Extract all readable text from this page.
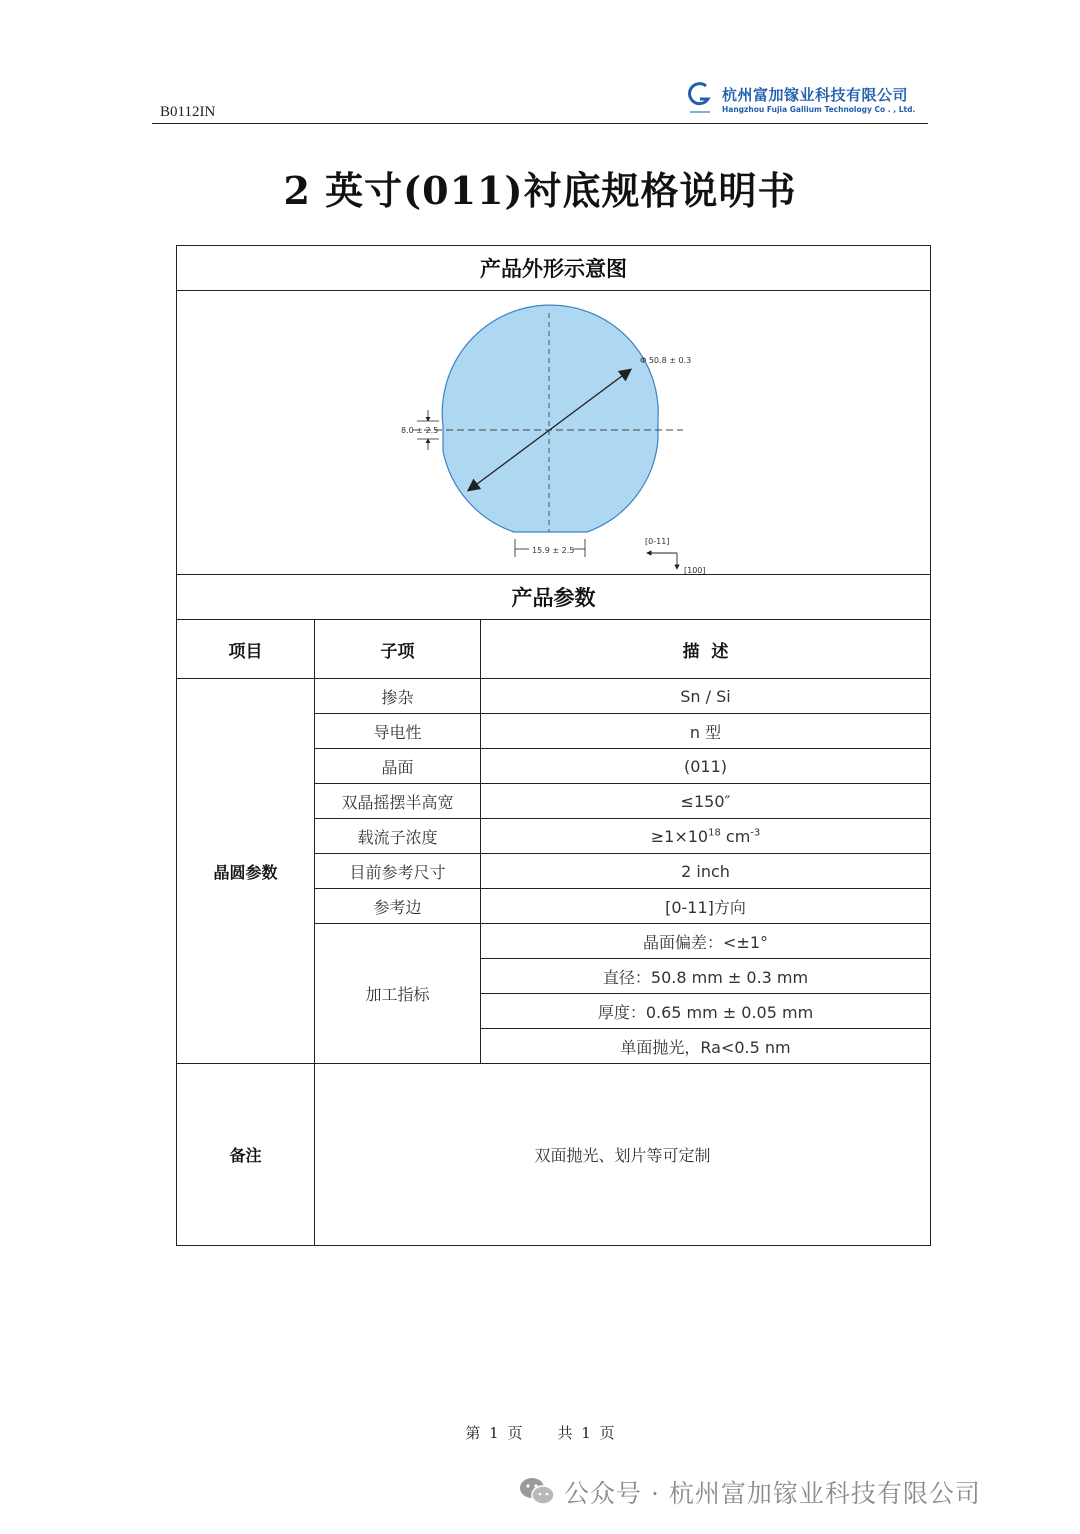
B0112IN
杭州富加镓业科技有限公司
Hangzhou Fujia Gallium Technology Co . , Ltd.
2 英寸(011)衬底规格说明书
产品外形示意图		

Φ 50.8 ± 0.3
8.0 ± 2.5
15.9 ± 2.5
[0-11]
[100]		

产品参数		
项目	子项	描  述
晶圆参数	掺杂	Sn / Si
	导电性	n 型
	晶面	(011)
	双晶摇摆半高宽	≤150″
	载流子浓度	$\ge 1\times 10^{18}$ $cm^{-3}$
	目前参考尺寸	2 inch
	参考边	[0-11]方向
	加工指标	晶面偏差：<±1°
		直径：50.8 mm ± 0.3 mm
		厚度：0.65 mm ± 0.05 mm
		单面抛光，Ra<0.5 nm
备注	双面抛光、划片等可定制	
第 1 页    共 1 页
公众号 · 杭州富加镓业科技有限公司
